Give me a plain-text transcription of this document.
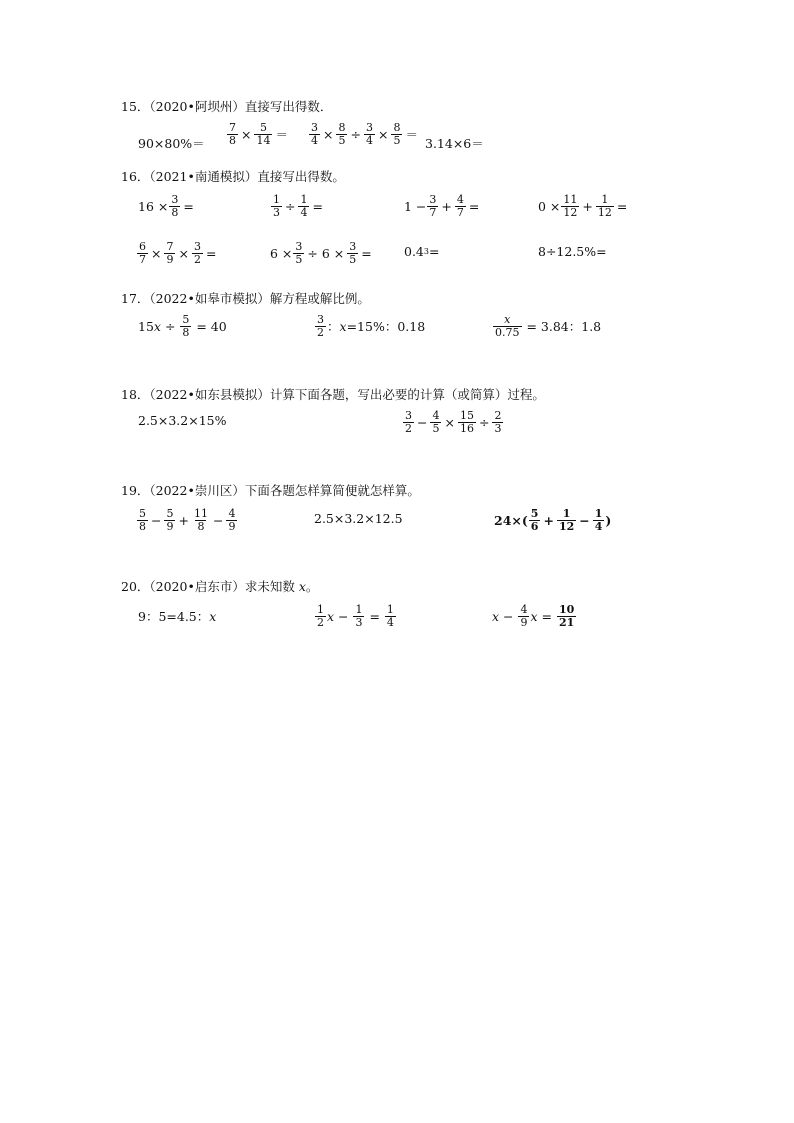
15．（2020•阿坝州）直接写出得数．
$90\times 80\%= \frac{7}{8} \times \frac{5}{14} = \frac{3}{4} \times \frac{8}{5} \div \frac{3}{4} \times \frac{8}{5}$ ＝
3.14×6＝
16．（2021•南通模拟）直接写出得数。
$16 \times \frac{3}{8}$ =	$\frac{1}{3} \div \frac{1}{4}$ =	$1 - \frac{3}{7} + \frac{4}{7}$ =	$0 \times \frac{11}{12} + \frac{1}{12}$ =
$\frac{6}{7} \times \frac{7}{9} \times \frac{3}{2}$ =	$6 \times \frac{3}{5} \div 6 \times \frac{3}{5}$ =	0.4 3 =	8÷12.5%=
17．（2022•如皋市模拟）解方程或解比例。
15 $x \div \frac{5}{8} = 40$	$\frac{3}{2}$ ： x =15%：0.18	$\frac{x}{0.75} = 3.84$：1.8
18．（2022•如东县模拟）计算下面各题，写出必要的计算（或简算）过程。
2.5×3.2×15%	$\frac{3}{2} - \frac{4}{5} \times \frac{15}{16} \div \frac{2}{3}$
19．（2022•崇川区）下面各题怎样算简便就怎样算。
$\frac{5}{8} - \frac{5}{9} + \frac{11}{8} - \frac{4}{9}$	2.5×3.2×12.5	$24\times( \frac{5}{6} + \frac{1}{12} - \frac{1}{4}$ )
20．（2020•启东市）求未知数 x。
9：5=4.5： x	$\frac{1}{2}$ $x - \frac{1}{3} = \frac{1}{4}$	$x - \frac{4}{9}$ $x = \frac{10}{21}$
